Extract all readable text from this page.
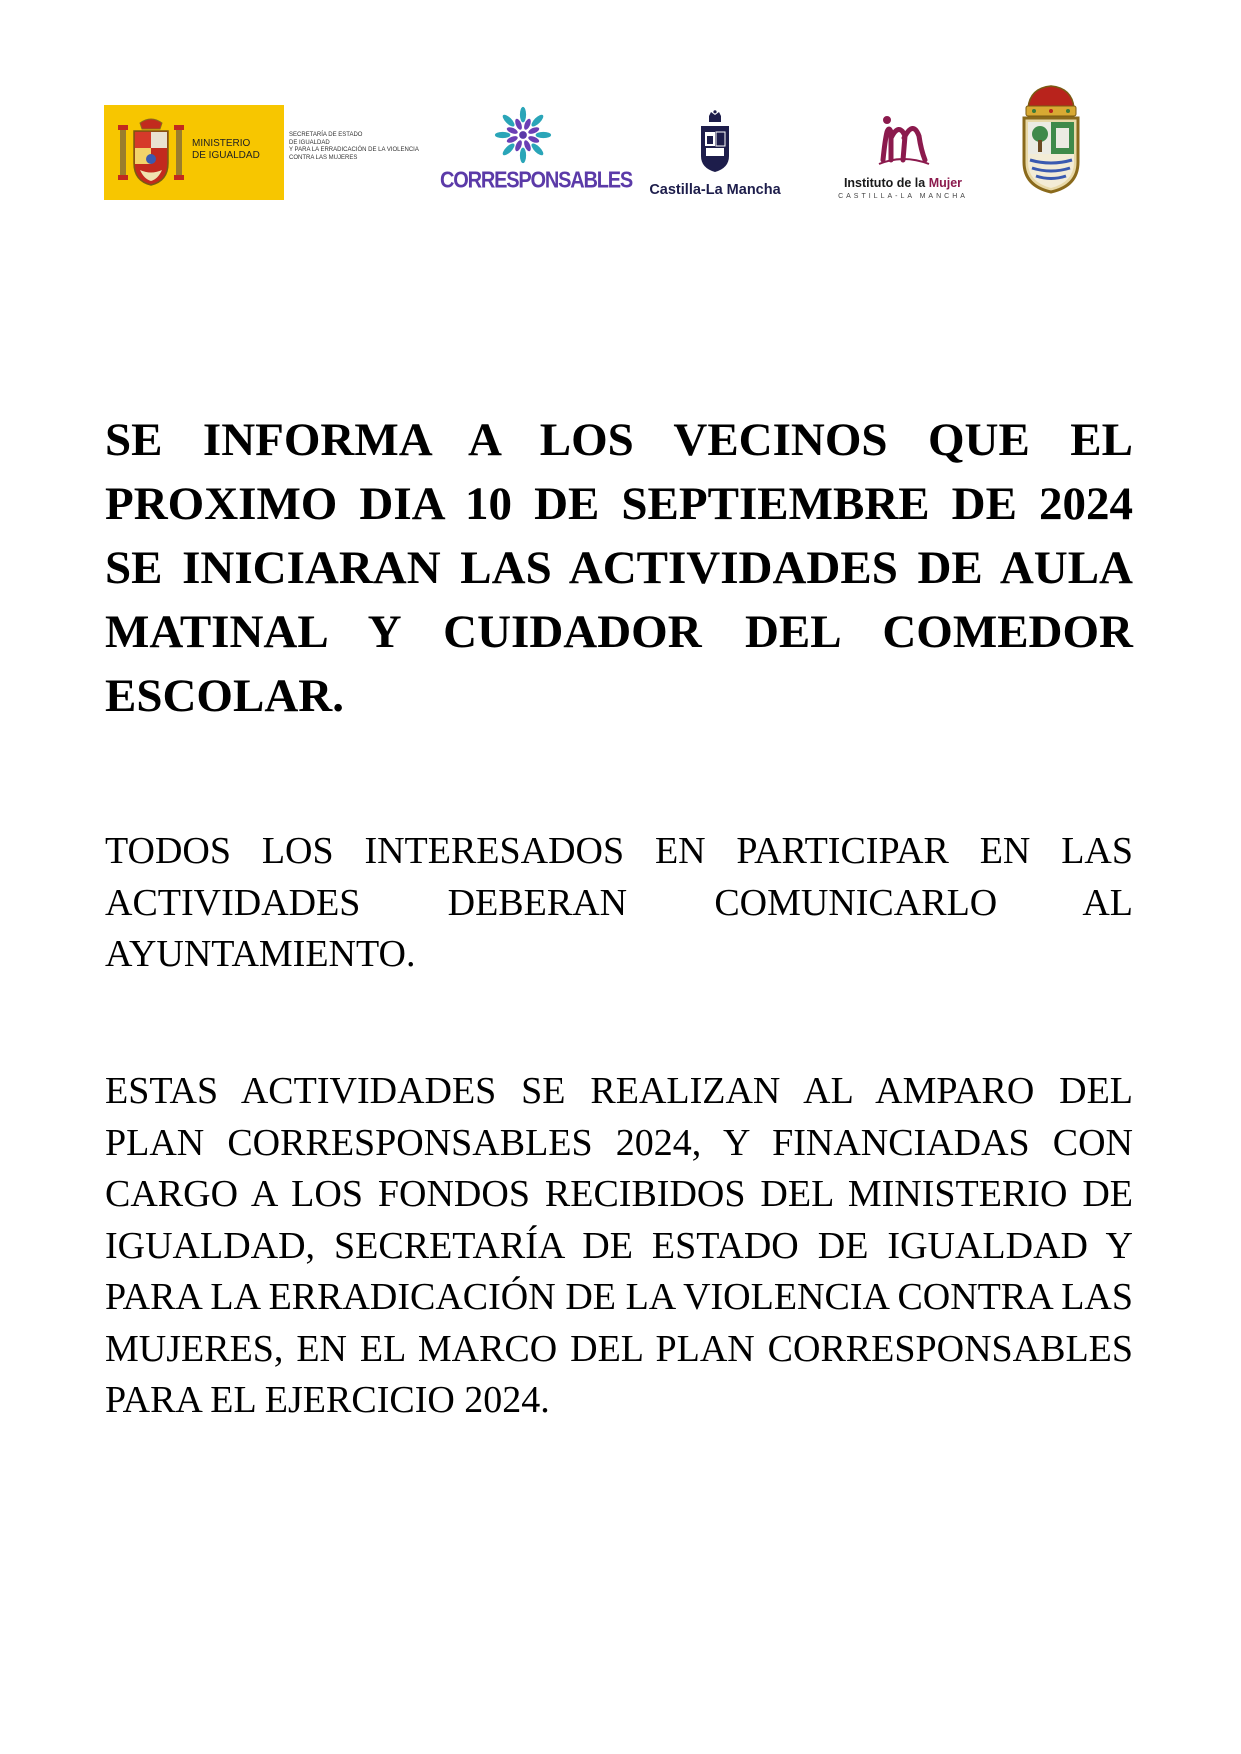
MINISTERIO
DE IGUALDAD
SECRETARÍA DE ESTADO
DE IGUALDAD
Y PARA LA ERRADICACIÓN DE LA VIOLENCIA
CONTRA LAS MUJERES
CORRESPONSABLES	Castilla-La Mancha	Instituto de la Mujer
CASTILLA-LA MANCHA
SE INFORMA A LOS VECINOS QUE EL PROXIMO DIA 10 DE SEPTIEMBRE DE 2024 SE INICIARAN LAS ACTIVIDADES DE AULA MATINAL Y CUIDADOR DEL COMEDOR ESCOLAR.
TODOS LOS INTERESADOS EN PARTICIPAR EN LAS ACTIVIDADES DEBERAN COMUNICARLO AL AYUNTAMIENTO.
ESTAS ACTIVIDADES SE REALIZAN AL AMPARO DEL PLAN CORRESPONSABLES 2024, Y FINANCIADAS CON CARGO A LOS FONDOS RECIBIDOS DEL MINISTERIO DE IGUALDAD, SECRETARÍA DE ESTADO DE IGUALDAD Y PARA LA ERRADICACIÓN DE LA VIOLENCIA CONTRA LAS MUJERES, EN EL MARCO DEL PLAN CORRESPONSABLES PARA EL EJERCICIO 2024.
